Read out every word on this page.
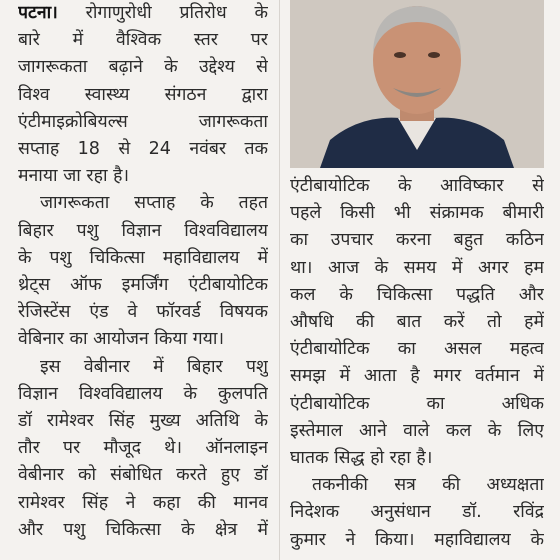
पटना। रोगाणुरोधी प्रतिरोध के
बारे में वैश्विक स्तर पर
जागरूकता बढ़ाने के उद्देश्य से
विश्व स्वास्थ्य संगठन द्वारा
एंटीमाइक्रोबियल्स जागरूकता
सप्ताह 18 से 24 नवंबर तक
मनाया जा रहा है।
जागरूकता सप्ताह के तहत
बिहार पशु विज्ञान विश्वविद्यालय
के पशु चिकित्सा महाविद्यालय में
थ्रेट्स ऑफ इमर्जिंग एंटीबायोटिक
रेजिस्टेंस एंड वे फॉरवर्ड विषयक
वेबिनार का आयोजन किया गया।
इस वेबीनार में बिहार पशु
विज्ञान विश्वविद्यालय के कुलपति
डॉ रामेश्वर सिंह मुख्य अतिथि के
तौर पर मौजूद थे। ऑनलाइन
वेबीनार को संबोधित करते हुए डॉ
रामेश्वर सिंह ने कहा की मानव
और पशु चिकित्सा के क्षेत्र में
एंटीबायोटिक के आविष्कार से
पहले किसी भी संक्रामक बीमारी
का उपचार करना बहुत कठिन
था। आज के समय में अगर हम
कल के चिकित्सा पद्धति और
औषधि की बात करें तो हमें
एंटीबायोटिक का असल महत्व
समझ में आता है मगर वर्तमान में
एंटीबायोटिक का अधिक
इस्तेमाल आने वाले कल के लिए
घातक सिद्ध हो रहा है।
तकनीकी सत्र की अध्यक्षता
निदेशक अनुसंधान डॉ. रविंद्र
कुमार ने किया। महाविद्यालय के
